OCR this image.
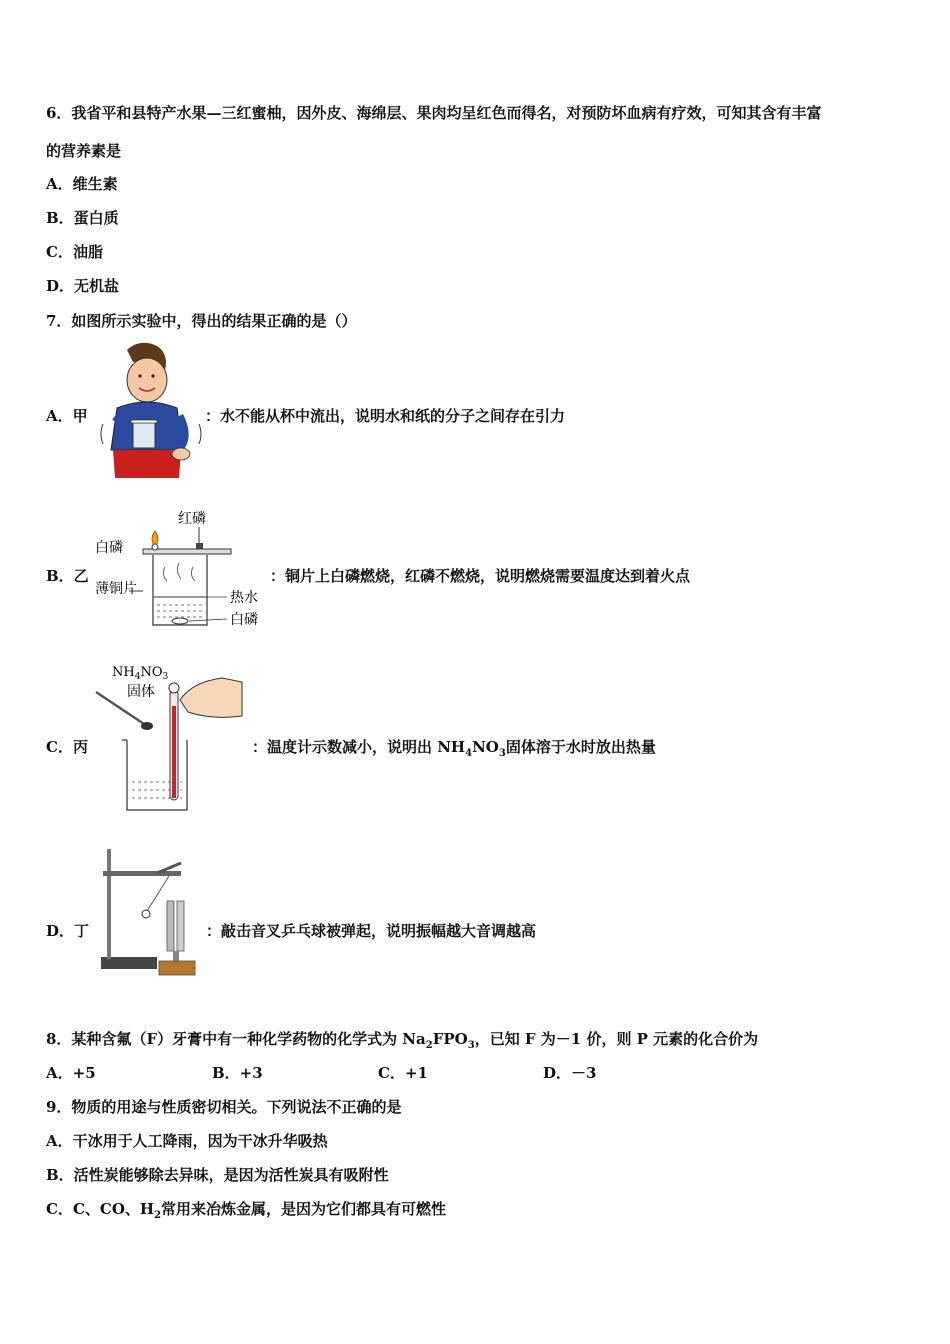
6．我省平和县特产水果—三红蜜柚，因外皮、海绵层、果肉均呈红色而得名，对预防坏血病有疗效，可知其含有丰富
的营养素是
A．维生素
B．蛋白质
C．油脂
D．无机盐
7．如图所示实验中，得出的结果正确的是（）
A．甲	：水不能从杯中流出，说明水和纸的分子之间存在引力
B．乙
红磷
白磷
薄铜片
热水
白磷
：铜片上白磷燃烧，红磷不燃烧，说明燃烧需要温度达到着火点
C．丙
$NH_4NO_3$
固体
：温度计示数减小，说明出 $NH_4NO_3$固体溶于水时放出热量
D．丁	：敲击音叉乒乓球被弹起，说明振幅越大音调越高
8．某种含氟（F）牙膏中有一种化学药物的化学式为 $Na_2FPO_3$，已知 F 为－1 价，则 P 元素的化合价为
A．+5	B．+3	C．+1	D．－3
9．物质的用途与性质密切相关。下列说法不正确的是
A．干冰用于人工降雨，因为干冰升华吸热
B．活性炭能够除去异味，是因为活性炭具有吸附性
C．C、CO、$H_2$常用来冶炼金属，是因为它们都具有可燃性
